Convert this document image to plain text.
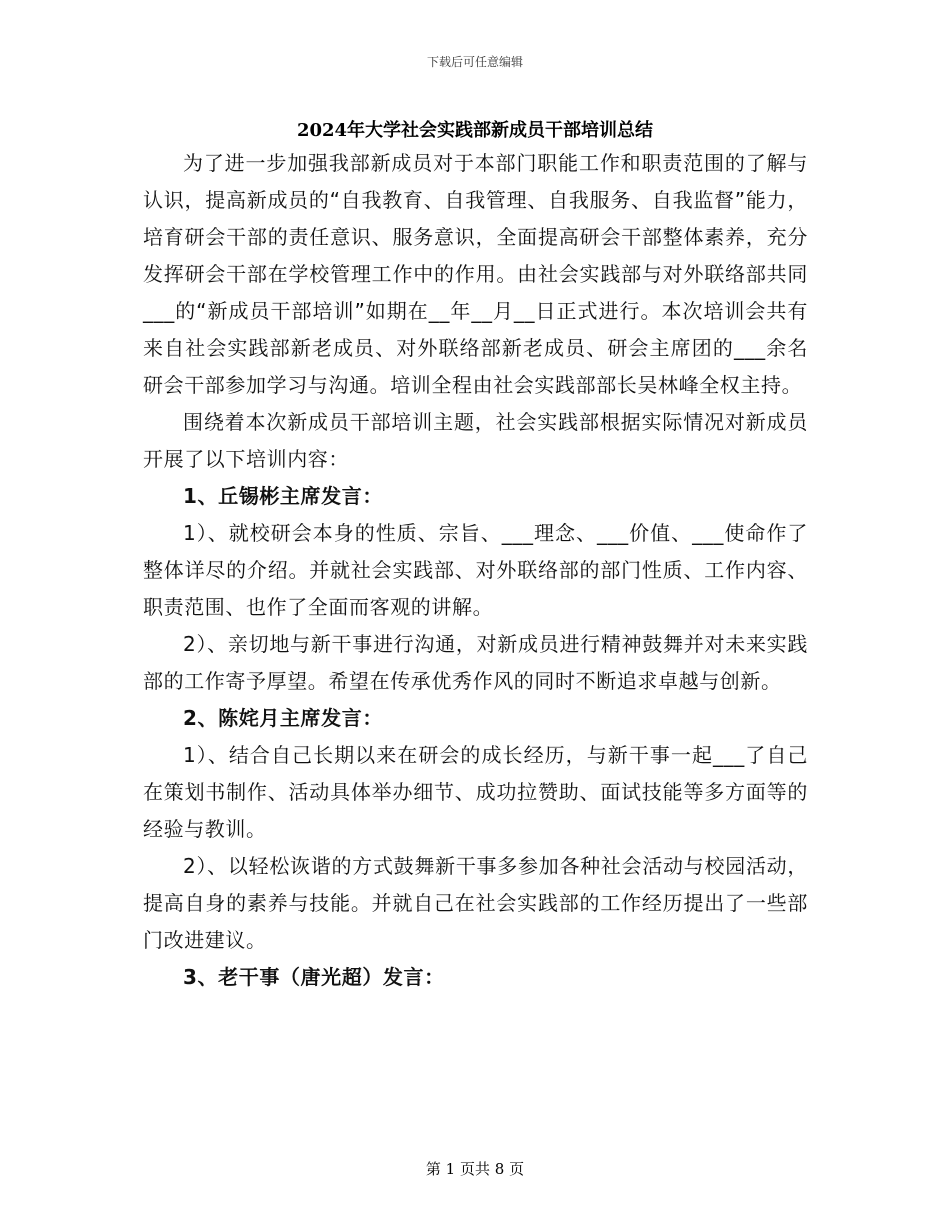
下载后可任意编辑
2024年大学社会实践部新成员干部培训总结

为了进一步加强我部新成员对于本部门职能工作和职责范围的了解与认识，提高新成员的“自我教育、自我管理、自我服务、自我监督”能力，培育研会干部的责任意识、服务意识，全面提高研会干部整体素养，充分发挥研会干部在学校管理工作中的作用。由社会实践部与对外联络部共同___的“新成员干部培训”如期在__年__月__日正式进行。本次培训会共有来自社会实践部新老成员、对外联络部新老成员、研会主席团的___余名研会干部参加学习与沟通。培训全程由社会实践部部长吴林峰全权主持。

围绕着本次新成员干部培训主题，社会实践部根据实际情况对新成员开展了以下培训内容：

1、丘锡彬主席发言：

1）、就校研会本身的性质、宗旨、___理念、___价值、___使命作了整体详尽的介绍。并就社会实践部、对外联络部的部门性质、工作内容、职责范围、也作了全面而客观的讲解。

2）、亲切地与新干事进行沟通，对新成员进行精神鼓舞并对未来实践部的工作寄予厚望。希望在传承优秀作风的同时不断追求卓越与创新。

2、陈姹月主席发言：

1）、结合自己长期以来在研会的成长经历，与新干事一起___了自己在策划书制作、活动具体举办细节、成功拉赞助、面试技能等多方面等的经验与教训。

2）、以轻松诙谐的方式鼓舞新干事多参加各种社会活动与校园活动，提高自身的素养与技能。并就自己在社会实践部的工作经历提出了一些部门改进建议。

3、老干事（唐光超）发言：

第 1 页共 8 页
